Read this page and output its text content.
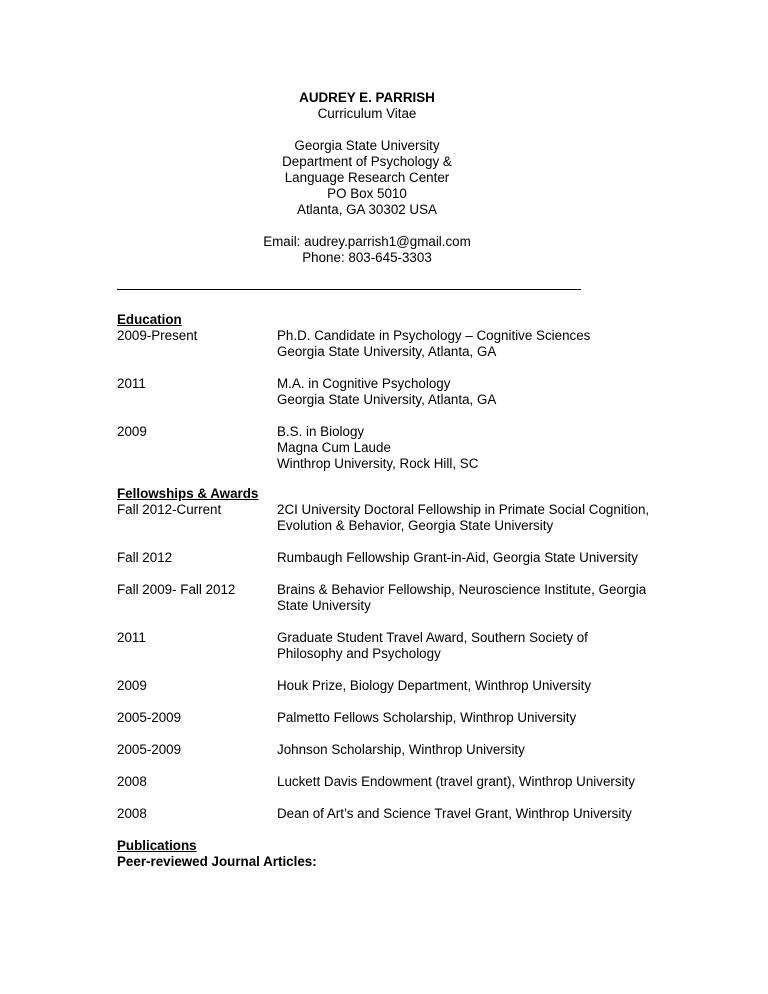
AUDREY E. PARRISH
Curriculum Vitae
Georgia State University
Department of Psychology &
Language Research Center
PO Box 5010
Atlanta, GA 30302 USA
Email: audrey.parrish1@gmail.com
Phone: 803-645-3303
Education
2009-Present	Ph.D. Candidate in Psychology – Cognitive Sciences
Georgia State University, Atlanta, GA
2011	M.A. in Cognitive Psychology
Georgia State University, Atlanta, GA
2009	B.S. in Biology
Magna Cum Laude
Winthrop University, Rock Hill, SC
Fellowships & Awards
Fall 2012-Current	2CI University Doctoral Fellowship in Primate Social Cognition,
Evolution & Behavior, Georgia State University
Fall 2012	Rumbaugh Fellowship Grant-in-Aid, Georgia State University
Fall 2009- Fall 2012	Brains & Behavior Fellowship, Neuroscience Institute, Georgia
State University
2011	Graduate Student Travel Award, Southern Society of
Philosophy and Psychology
2009	Houk Prize, Biology Department, Winthrop University
2005-2009	Palmetto Fellows Scholarship, Winthrop University
2005-2009	Johnson Scholarship, Winthrop University
2008	Luckett Davis Endowment (travel grant), Winthrop University
2008	Dean of Art’s and Science Travel Grant, Winthrop University
Publications
Peer-reviewed Journal Articles:
